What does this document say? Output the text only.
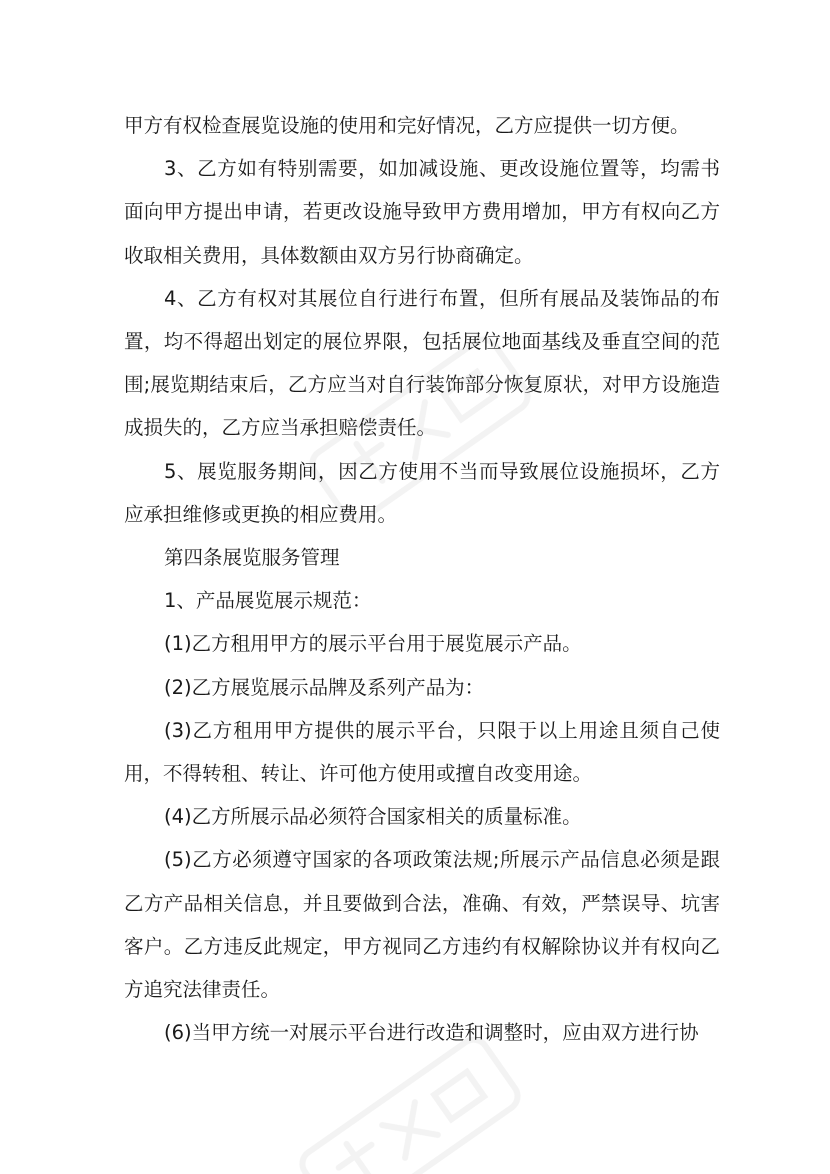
甲方有权检查展览设施的使用和完好情况，乙方应提供一切方便。

3、乙方如有特别需要，如加减设施、更改设施位置等，均需书面向甲方提出申请，若更改设施导致甲方费用增加，甲方有权向乙方收取相关费用，具体数额由双方另行协商确定。

4、乙方有权对其展位自行进行布置，但所有展品及装饰品的布置，均不得超出划定的展位界限，包括展位地面基线及垂直空间的范围;展览期结束后，乙方应当对自行装饰部分恢复原状，对甲方设施造成损失的，乙方应当承担赔偿责任。

5、展览服务期间，因乙方使用不当而导致展位设施损坏，乙方应承担维修或更换的相应费用。

第四条展览服务管理

1、产品展览展示规范：

(1)乙方租用甲方的展示平台用于展览展示产品。

(2)乙方展览展示品牌及系列产品为：

(3)乙方租用甲方提供的展示平台，只限于以上用途且须自己使用，不得转租、转让、许可他方使用或擅自改变用途。

(4)乙方所展示品必须符合国家相关的质量标准。

(5)乙方必须遵守国家的各项政策法规;所展示产品信息必须是跟乙方产品相关信息，并且要做到合法，准确、有效，严禁误导、坑害客户。乙方违反此规定，甲方视同乙方违约有权解除协议并有权向乙方追究法律责任。

(6)当甲方统一对展示平台进行改造和调整时，应由双方进行协
